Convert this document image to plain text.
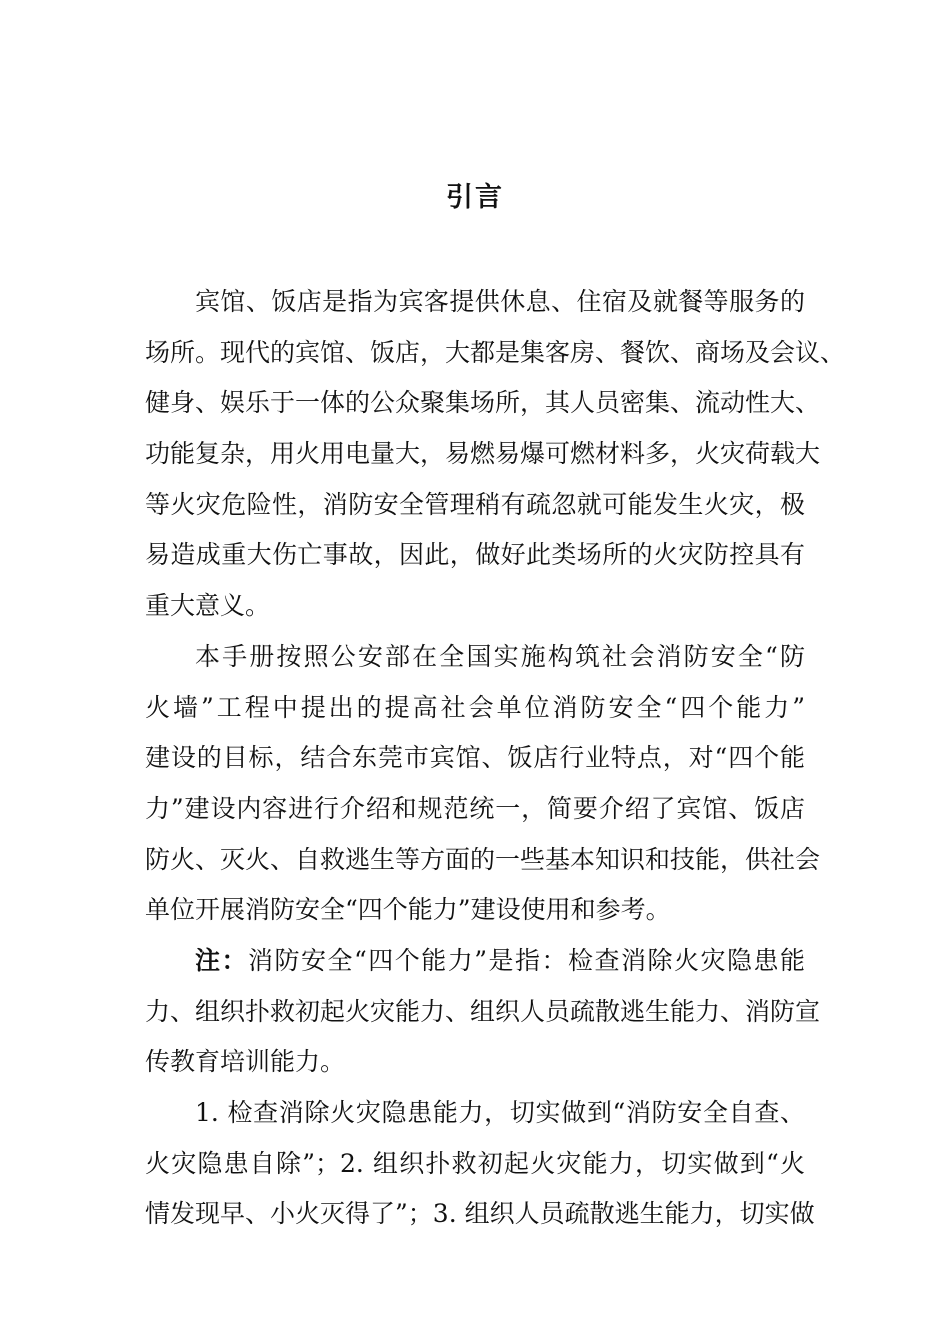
引言
宾馆、饭店是指为宾客提供休息、住宿及就餐等服务的
场所。现代的宾馆、饭店，大都是集客房、餐饮、商场及会议、
健身、娱乐于一体的公众聚集场所，其人员密集、流动性大、
功能复杂，用火用电量大，易燃易爆可燃材料多，火灾荷载大
等火灾危险性，消防安全管理稍有疏忽就可能发生火灾，极
易造成重大伤亡事故，因此，做好此类场所的火灾防控具有
重大意义。
本手册按照公安部在全国实施构筑社会消防安全“防
火墙”工程中提出的提高社会单位消防安全“四个能力”
建设的目标，结合东莞市宾馆、饭店行业特点，对“四个能
力”建设内容进行介绍和规范统一，简要介绍了宾馆、饭店
防火、灭火、自救逃生等方面的一些基本知识和技能，供社会
单位开展消防安全“四个能力”建设使用和参考。
注：消防安全“四个能力”是指：检查消除火灾隐患能
力、组织扑救初起火灾能力、组织人员疏散逃生能力、消防宣
传教育培训能力。
1. 检查消除火灾隐患能力，切实做到“消防安全自查、
火灾隐患自除”；2. 组织扑救初起火灾能力，切实做到“火
情发现早、小火灭得了”；3. 组织人员疏散逃生能力，切实做
